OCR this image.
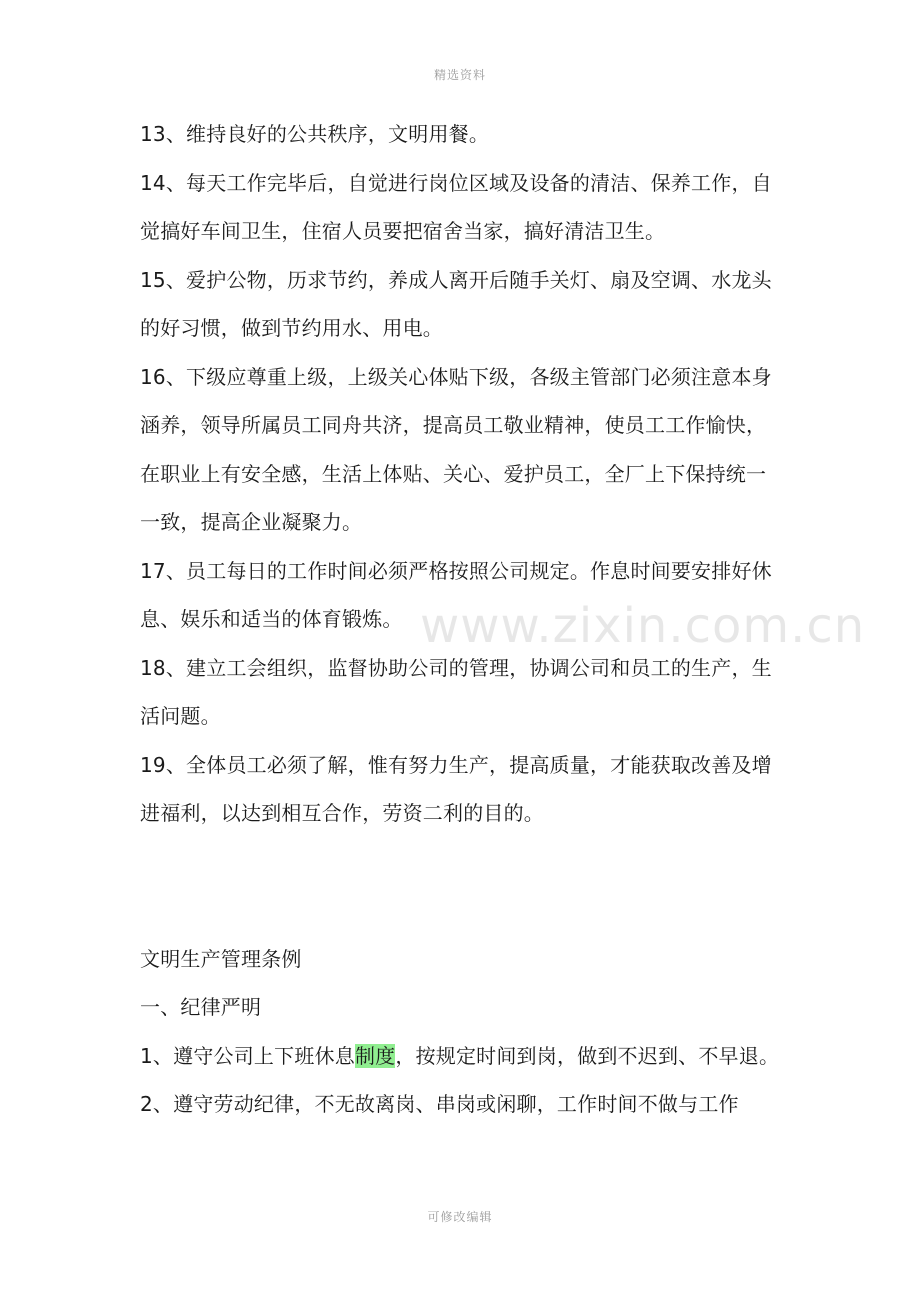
精选资料
www.zixin.com.cn

13、维持良好的公共秩序，文明用餐。

14、每天工作完毕后，自觉进行岗位区域及设备的清洁、保养工作，自觉搞好车间卫生，住宿人员要把宿舍当家，搞好清洁卫生。

15、爱护公物，历求节约，养成人离开后随手关灯、扇及空调、水龙头的好习惯，做到节约用水、用电。

16、下级应尊重上级，上级关心体贴下级，各级主管部门必须注意本身涵养，领导所属员工同舟共济，提高员工敬业精神，使员工工作愉快，在职业上有安全感，生活上体贴、关心、爱护员工，全厂上下保持统一一致，提高企业凝聚力。

17、员工每日的工作时间必须严格按照公司规定。作息时间要安排好休息、娱乐和适当的体育锻炼。

18、建立工会组织，监督协助公司的管理，协调公司和员工的生产，生活问题。

19、全体员工必须了解，惟有努力生产，提高质量，才能获取改善及增进福利，以达到相互合作，劳资二利的目的。

文明生产管理条例

一、纪律严明

1、遵守公司上下班休息制度，按规定时间到岗，做到不迟到、不早退。

2、遵守劳动纪律，不无故离岗、串岗或闲聊，工作时间不做与工作

可修改编辑
